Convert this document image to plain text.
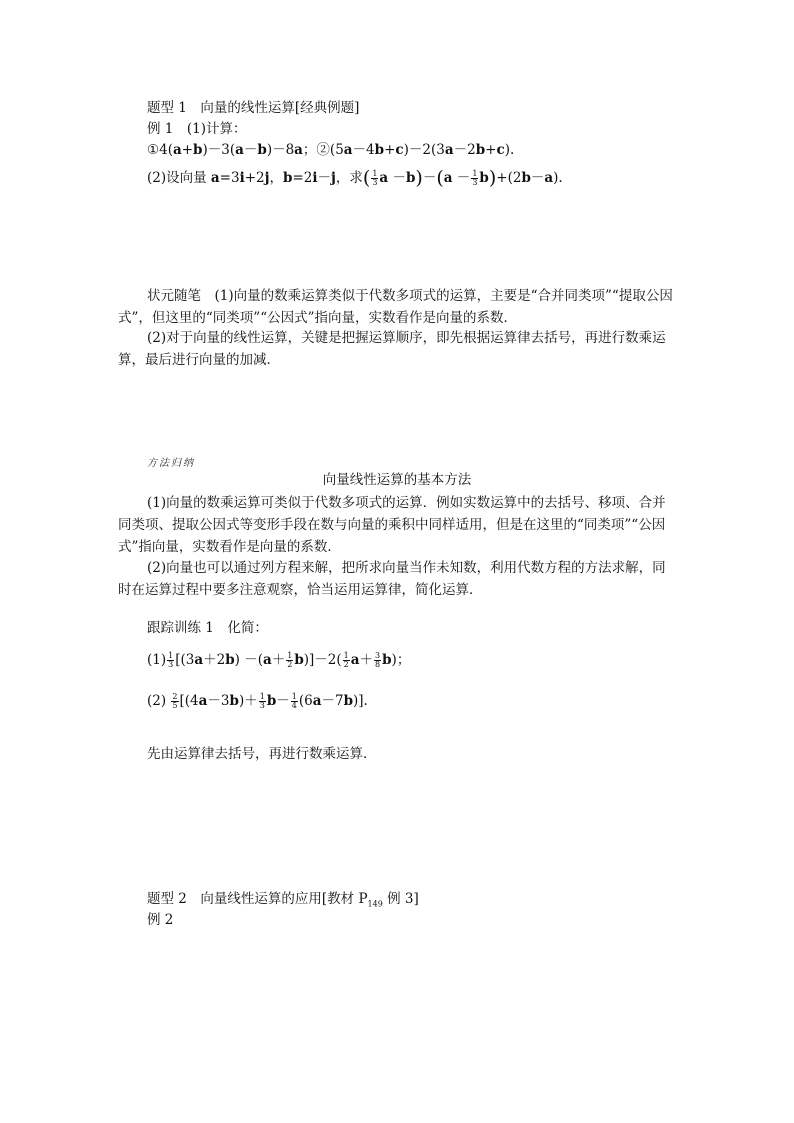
题型 1　向量的线性运算[经典例题]
例 1　(1)计算：
①4(a+b)－3(a－b)－8a；②(5a－4b+c)－2(3a－2b+c).
(2)设向量 a=3i+2j，b=2i－j，求( $\frac{1}{3}$ $a -b)-(a - \frac{1}{3} b)+(2b-a)$.
状元随笔　(1)向量的数乘运算类似于代数多项式的运算，主要是“合并同类项”“提取公因式”，但这里的“同类项”“公因式”指向量，实数看作是向量的系数．
(2)对于向量的线性运算，关键是把握运算顺序，即先根据运算律去括号，再进行数乘运算，最后进行向量的加减．
方法归纳
向量线性运算的基本方法
(1)向量的数乘运算可类似于代数多项式的运算．例如实数运算中的去括号、移项、合并同类项、提取公因式等变形手段在数与向量的乘积中同样适用，但是在这里的“同类项”“公因式”指向量，实数看作是向量的系数．
(2)向量也可以通过列方程来解，把所求向量当作未知数，利用代数方程的方法求解，同时在运算过程中要多注意观察，恰当运用运算律，简化运算．
跟踪训练 1　化简：
$(1) \frac{1}{3} [(3a+2b) -(a+ \frac{1}{2} b)]-2( \frac{1}{2} a+ \frac{3}{8} b)$；
$(2) \frac{2}{5} [(4a-3b)+ \frac{1}{3} b- \frac{1}{4} (6a-7b)]$.
先由运算律去括号，再进行数乘运算．
题型 2　向量线性运算的应用[教材 $P_{149}$ 例 3]
例 2
